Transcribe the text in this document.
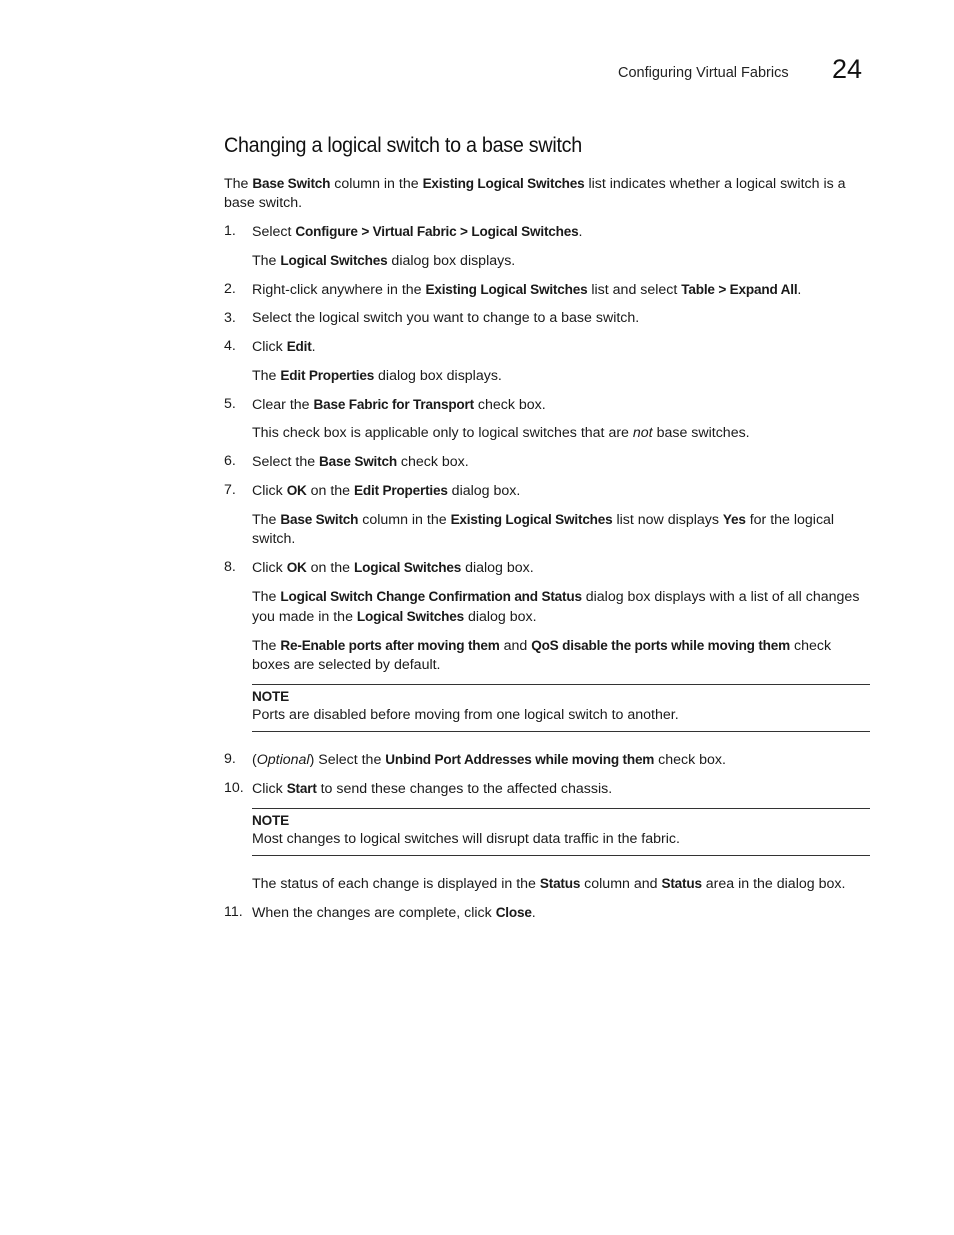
Configuring Virtual Fabrics 24
Changing a logical switch to a base switch

The Base Switch column in the Existing Logical Switches list indicates whether a logical switch is a base switch.

1. Select Configure > Virtual Fabric > Logical Switches.

The Logical Switches dialog box displays.

2. Right-click anywhere in the Existing Logical Switches list and select Table > Expand All.
3. Select the logical switch you want to change to a base switch.
4. Click Edit.

The Edit Properties dialog box displays.

5. Clear the Base Fabric for Transport check box.

This check box is applicable only to logical switches that are not base switches.

6. Select the Base Switch check box.
7. Click OK on the Edit Properties dialog box.

The Base Switch column in the Existing Logical Switches list now displays Yes for the logical switch.

8. Click OK on the Logical Switches dialog box.

The Logical Switch Change Confirmation and Status dialog box displays with a list of all changes you made in the Logical Switches dialog box.

The Re-Enable ports after moving them and QoS disable the ports while moving them check boxes are selected by default.

NOTE
Ports are disabled before moving from one logical switch to another.
9. (Optional) Select the Unbind Port Addresses while moving them check box.
10. Click Start to send these changes to the affected chassis.
NOTE
Most changes to logical switches will disrupt data traffic in the fabric.

The status of each change is displayed in the Status column and Status area in the dialog box.

11. When the changes are complete, click Close.
